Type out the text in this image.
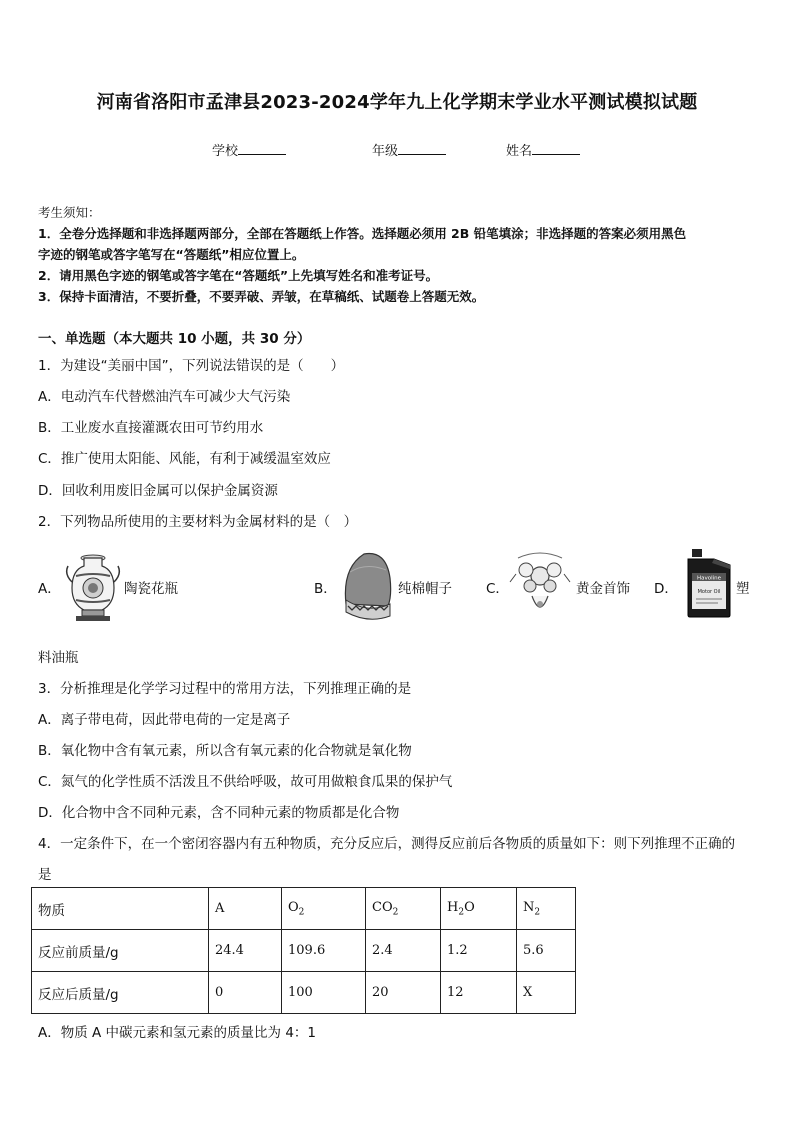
河南省洛阳市孟津县2023-2024学年九上化学期末学业水平测试模拟试题
学校	年级	姓名
考生须知：
1．全卷分选择题和非选择题两部分，全部在答题纸上作答。选择题必须用 2B 铅笔填涂；非选择题的答案必须用黑色
字迹的钢笔或答字笔写在“答题纸”相应位置上。
2．请用黑色字迹的钢笔或答字笔在“答题纸”上先填写姓名和准考证号。
3．保持卡面清洁，不要折叠，不要弄破、弄皱，在草稿纸、试题卷上答题无效。
一、单选题（本大题共 10 小题，共 30 分）
1．为建设“美丽中国”，下列说法错误的是（　　）
A．电动汽车代替燃油汽车可减少大气污染
B．工业废水直接灌溉农田可节约用水
C．推广使用太阳能、风能，有利于减缓温室效应
D．回收利用废旧金属可以保护金属资源
2．下列物品所使用的主要材料为金属材料的是（　）
A．	陶瓷花瓶	B．	纯棉帽子	C．	黄金首饰 D．
Havoline
Motor Oil 塑
料油瓶
3．分析推理是化学学习过程中的常用方法，下列推理正确的是
A．离子带电荷，因此带电荷的一定是离子
B．氧化物中含有氧元素，所以含有氧元素的化合物就是氧化物
C．氮气的化学性质不活泼且不供给呼吸，故可用做粮食瓜果的保护气
D．化合物中含不同种元素，含不同种元素的物质都是化合物
4．一定条件下，在一个密闭容器内有五种物质，充分反应后，测得反应前后各物质的质量如下：则下列推理不正确的
是
物质	A	$O_2$	$CO_2$	$H_2O$	$N_2$
反应前质量/g	24.4	109.6	2.4	1.2	5.6
反应后质量/g	0	100	20	12	X
A．物质 A 中碳元素和氢元素的质量比为 4：1
